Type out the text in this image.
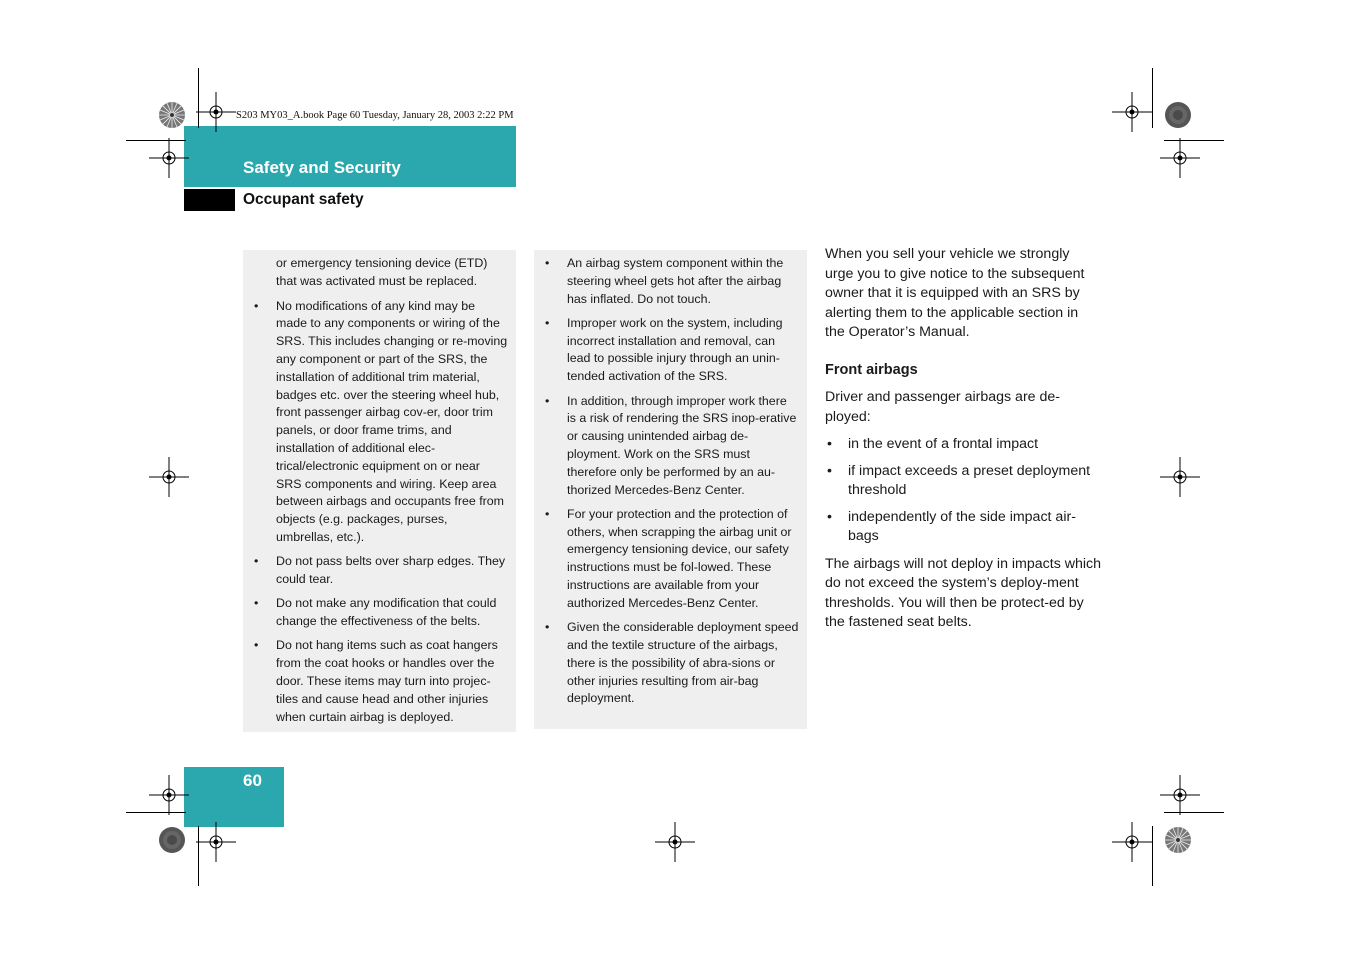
S203 MY03_A.book Page 60 Tuesday, January 28, 2003 2:22 PM
Safety and Security
Occupant safety

or emergency tensioning device (ETD) that was activated must be replaced.

• No modifications of any kind may be made to any components or wiring of the SRS. This includes changing or re-moving any component or part of the SRS, the installation of additional trim material, badges etc. over the steering wheel hub, front passenger airbag cov-er, door trim panels, or door frame trims, and installation of additional elec-trical/electronic equipment on or near SRS components and wiring. Keep area between airbags and occupants free from objects (e.g. packages, purses, umbrellas, etc.).
• Do not pass belts over sharp edges. They could tear.
• Do not make any modification that could change the effectiveness of the belts.
• Do not hang items such as coat hangers from the coat hooks or handles over the door. These items may turn into projec-tiles and cause head and other injuries when curtain airbag is deployed.
• An airbag system component within the steering wheel gets hot after the airbag has inflated. Do not touch.
• Improper work on the system, including incorrect installation and removal, can lead to possible injury through an unin-tended activation of the SRS.
• In addition, through improper work there is a risk of rendering the SRS inop-erative or causing unintended airbag de-ployment. Work on the SRS must therefore only be performed by an au-thorized Mercedes-Benz Center.
• For your protection and the protection of others, when scrapping the airbag unit or emergency tensioning device, our safety instructions must be fol-lowed. These instructions are available from your authorized Mercedes-Benz Center.
• Given the considerable deployment speed and the textile structure of the airbags, there is the possibility of abra-sions or other injuries resulting from air-bag deployment.

When you sell your vehicle we strongly urge you to give notice to the subsequent owner that it is equipped with an SRS by alerting them to the applicable section in the Operator’s Manual.

Front airbags

Driver and passenger airbags are de-ployed:

• in the event of a frontal impact
• if impact exceeds a preset deployment threshold
• independently of the side impact air-bags

The airbags will not deploy in impacts which do not exceed the system’s deploy-ment thresholds. You will then be protect-ed by the fastened seat belts.

60
